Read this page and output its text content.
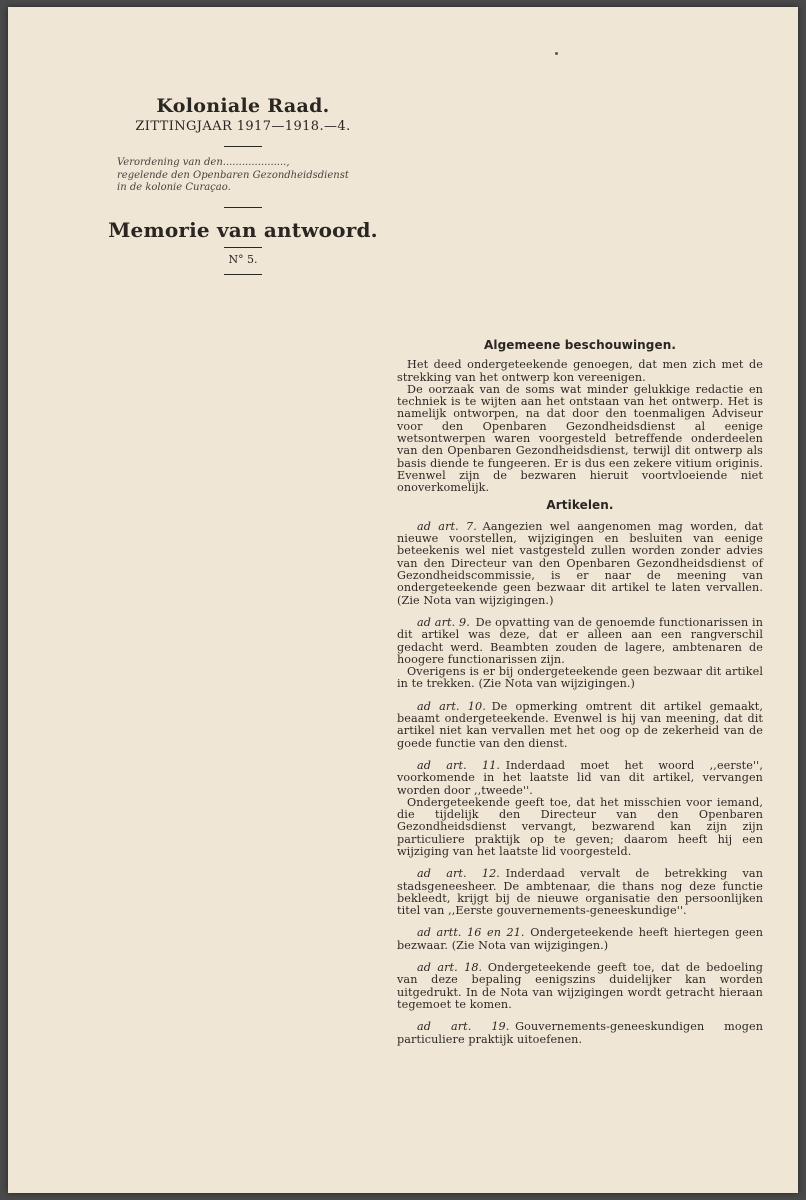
Koloniale Raad.
ZITTINGJAAR 1917—1918.—4.
Verordening van den....................,
regelende den Openbaren Gezondheidsdienst
in de kolonie Curaçao.
Memorie van antwoord.
N° 5.
Algemeene beschouwingen.

Het deed ondergeteekende genoegen, dat men zich met de strekking van het ontwerp kon vereenigen.

De oorzaak van de soms wat minder gelukkige redactie en techniek is te wijten aan het ontstaan van het ontwerp. Het is namelijk ontworpen, na dat door den toenmaligen Adviseur voor den Openbaren Gezondheidsdienst al eenige wetsontwerpen waren voorgesteld betreffende onderdeelen van den Openbaren Gezondheidsdienst, terwijl dit ontwerp als basis diende te fungeeren. Er is dus een zekere vitium originis. Evenwel zijn de bezwaren hieruit voortvloeiende niet onoverkomelijk.

Artikelen.

ad art. 7.  Aangezien wel aangenomen mag worden, dat nieuwe voorstellen, wijzigingen en besluiten van eenige beteekenis wel niet vastgesteld zullen worden zonder advies van den Directeur van den Openbaren Gezondheidsdienst of Gezondheidscommissie, is er naar de meening van ondergeteekende geen bezwaar dit artikel te laten vervallen. (Zie Nota van wijzigingen.)

ad art. 9.  De opvatting van de genoemde functionarissen in dit artikel was deze, dat er alleen aan een rangverschil gedacht werd. Beambten zouden de lagere, ambtenaren de hoogere functionarissen zijn.

Overigens is er bij ondergeteekende geen bezwaar dit artikel in te trekken. (Zie Nota van wijzigingen.)

ad art. 10.  De opmerking omtrent dit artikel gemaakt, beaamt ondergeteekende. Evenwel is hij van meening, dat dit artikel niet kan vervallen met het oog op de zekerheid van de goede functie van den dienst.

ad art. 11.  Inderdaad moet het woord ,,eerste'', voorkomende in het laatste lid van dit artikel, vervangen worden door ,,tweede''.

Ondergeteekende geeft toe, dat het misschien voor iemand, die tijdelijk den Directeur van den Openbaren Gezondheidsdienst vervangt, bezwarend kan zijn zijn particuliere praktijk op te geven; daarom heeft hij een wijziging van het laatste lid voorgesteld.

ad art. 12.  Inderdaad vervalt de betrekking van stadsgeneesheer. De ambtenaar, die thans nog deze functie bekleedt, krijgt bij de nieuwe organisatie den persoonlijken titel van ,,Eerste gouvernements-geneeskundige''.

ad artt. 16 en 21.  Ondergeteekende heeft hiertegen geen bezwaar. (Zie Nota van wijzigingen.)

ad art. 18.  Ondergeteekende geeft toe, dat de bedoeling van deze bepaling eenigszins duidelijker kan worden uitgedrukt. In de Nota van wijzigingen wordt getracht hieraan tegemoet te komen.

ad art. 19.  Gouvernements-geneeskundigen mogen particuliere praktijk uitoefenen.
